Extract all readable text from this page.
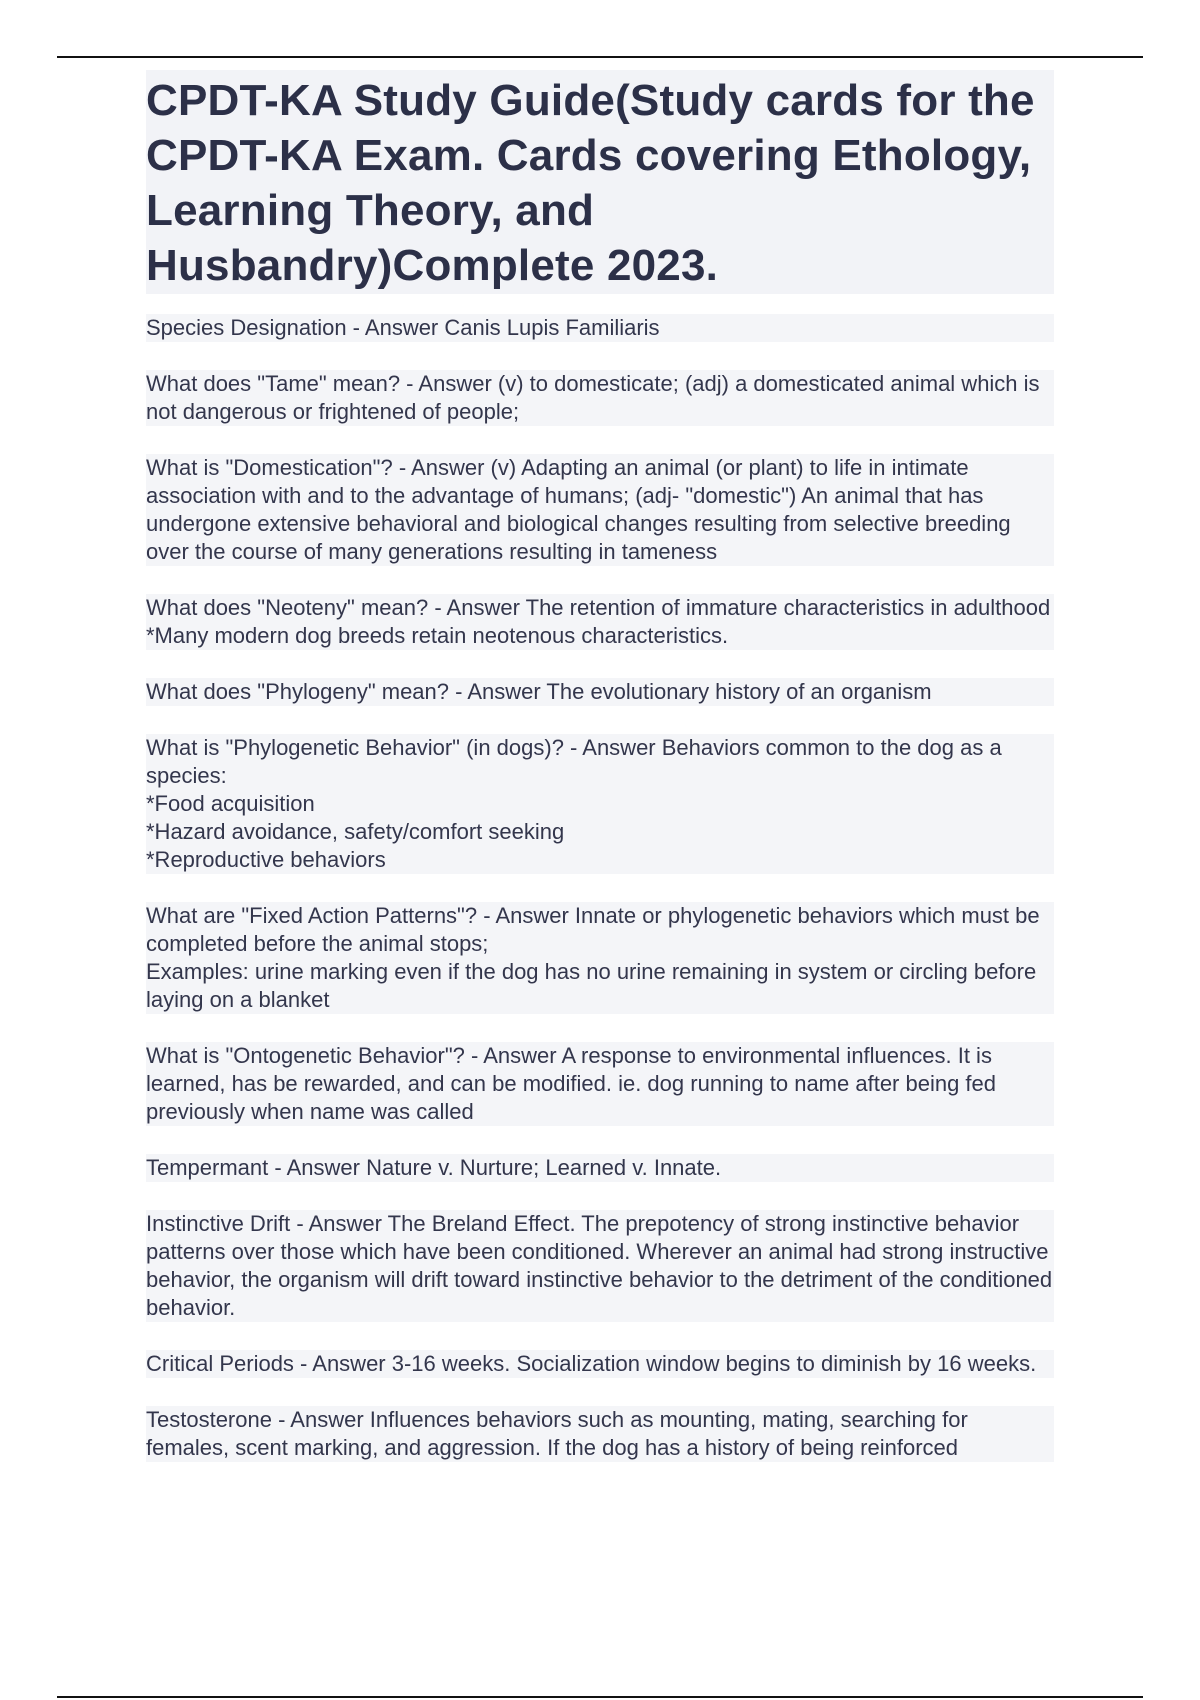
CPDT-KA Study Guide(Study cards for the CPDT-KA Exam. Cards covering Ethology, Learning Theory, and Husbandry)Complete 2023.
Species Designation - Answer Canis Lupis Familiaris
What does "Tame" mean? - Answer (v) to domesticate; (adj) a domesticated animal which is not dangerous or frightened of people;
What is "Domestication"? - Answer (v) Adapting an animal (or plant) to life in intimate association with and to the advantage of humans; (adj- "domestic") An animal that has undergone extensive behavioral and biological changes resulting from selective breeding over the course of many generations resulting in tameness
What does "Neoteny" mean? - Answer The retention of immature characteristics in adulthood
*Many modern dog breeds retain neotenous characteristics.
What does "Phylogeny" mean? - Answer The evolutionary history of an organism
What is "Phylogenetic Behavior" (in dogs)? - Answer Behaviors common to the dog as a species:
*Food acquisition
*Hazard avoidance, safety/comfort seeking
*Reproductive behaviors
What are "Fixed Action Patterns"? - Answer Innate or phylogenetic behaviors which must be completed before the animal stops;
Examples: urine marking even if the dog has no urine remaining in system or circling before laying on a blanket
What is "Ontogenetic Behavior"? - Answer A response to environmental influences. It is learned, has be rewarded, and can be modified. ie. dog running to name after being fed previously when name was called
Tempermant - Answer Nature v. Nurture; Learned v. Innate.
Instinctive Drift - Answer The Breland Effect. The prepotency of strong instinctive behavior patterns over those which have been conditioned. Wherever an animal had strong instructive behavior, the organism will drift toward instinctive behavior to the detriment of the conditioned behavior.
Critical Periods - Answer 3-16 weeks. Socialization window begins to diminish by 16 weeks.
Testosterone - Answer Influences behaviors such as mounting, mating, searching for females, scent marking, and aggression. If the dog has a history of being reinforced
